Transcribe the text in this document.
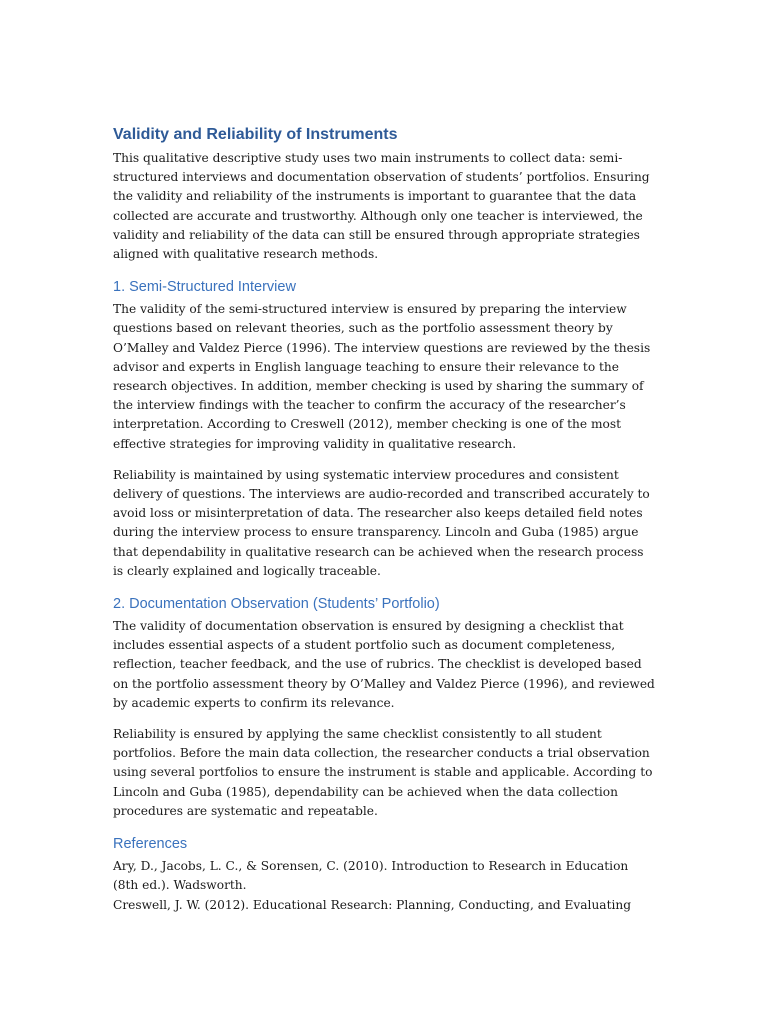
Validity and Reliability of Instruments

This qualitative descriptive study uses two main instruments to collect data: semi-structured interviews and documentation observation of students’ portfolios. Ensuring the validity and reliability of the instruments is important to guarantee that the data collected are accurate and trustworthy. Although only one teacher is interviewed, the validity and reliability of the data can still be ensured through appropriate strategies aligned with qualitative research methods.

1. Semi-Structured Interview

The validity of the semi-structured interview is ensured by preparing the interview questions based on relevant theories, such as the portfolio assessment theory by O’Malley and Valdez Pierce (1996). The interview questions are reviewed by the thesis advisor and experts in English language teaching to ensure their relevance to the research objectives. In addition, member checking is used by sharing the summary of the interview findings with the teacher to confirm the accuracy of the researcher’s interpretation. According to Creswell (2012), member checking is one of the most effective strategies for improving validity in qualitative research.

Reliability is maintained by using systematic interview procedures and consistent delivery of questions. The interviews are audio-recorded and transcribed accurately to avoid loss or misinterpretation of data. The researcher also keeps detailed field notes during the interview process to ensure transparency. Lincoln and Guba (1985) argue that dependability in qualitative research can be achieved when the research process is clearly explained and logically traceable.

2. Documentation Observation (Students’ Portfolio)

The validity of documentation observation is ensured by designing a checklist that includes essential aspects of a student portfolio such as document completeness, reflection, teacher feedback, and the use of rubrics. The checklist is developed based on the portfolio assessment theory by O’Malley and Valdez Pierce (1996), and reviewed by academic experts to confirm its relevance.

Reliability is ensured by applying the same checklist consistently to all student portfolios. Before the main data collection, the researcher conducts a trial observation using several portfolios to ensure the instrument is stable and applicable. According to Lincoln and Guba (1985), dependability can be achieved when the data collection procedures are systematic and repeatable.

References

Ary, D., Jacobs, L. C., & Sorensen, C. (2010). Introduction to Research in Education (8th ed.). Wadsworth.

Creswell, J. W. (2012). Educational Research: Planning, Conducting, and Evaluating
